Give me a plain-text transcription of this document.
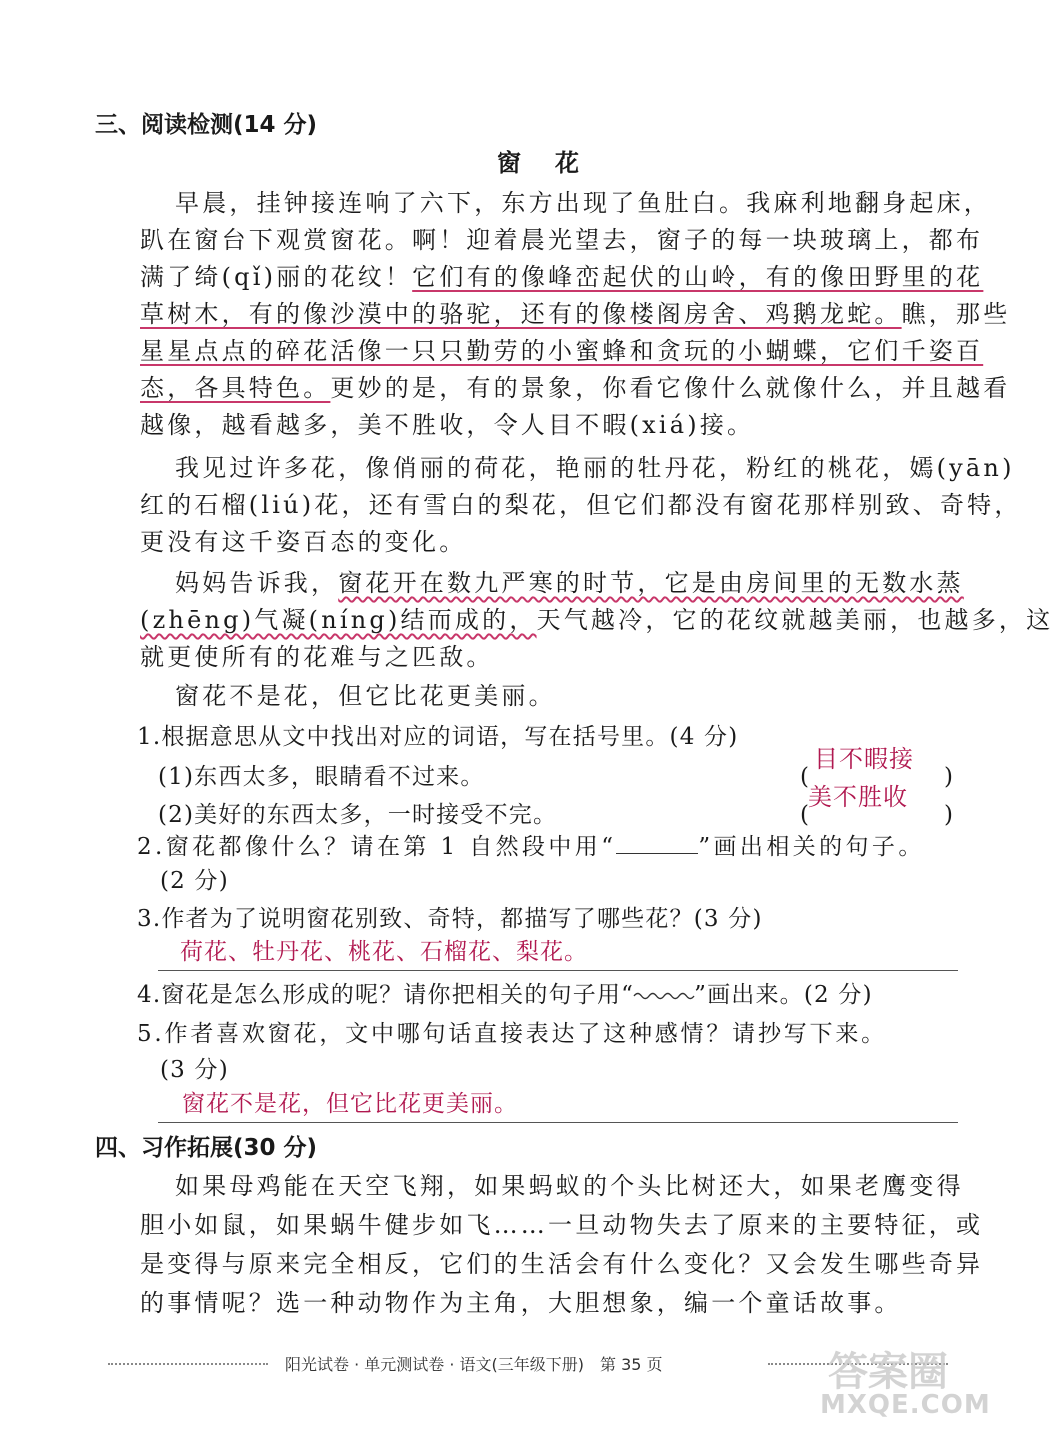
三、阅读检测(14 分)
窗花
早晨，挂钟接连响了六下，东方出现了鱼肚白。我麻利地翻身起床，
趴在窗台下观赏窗花。啊！迎着晨光望去，窗子的每一块玻璃上，都布
满了绮(qǐ)丽的花纹！它们有的像峰峦起伏的山岭，有的像田野里的花
草树木，有的像沙漠中的骆驼，还有的像楼阁房舍、鸡鹅龙蛇。瞧，那些
星星点点的碎花活像一只只勤劳的小蜜蜂和贪玩的小蝴蝶，它们千姿百
态，各具特色。更妙的是，有的景象，你看它像什么就像什么，并且越看
越像，越看越多，美不胜收，令人目不暇(xiá)接。
我见过许多花，像俏丽的荷花，艳丽的牡丹花，粉红的桃花，嫣(yān)
红的石榴(liú)花，还有雪白的梨花，但它们都没有窗花那样别致、奇特，
更没有这千姿百态的变化。
妈妈告诉我，窗花开在数九严寒的时节，它是由房间里的无数水蒸
(zhēng)气凝(níng)结而成的，天气越冷，它的花纹就越美丽，也越多，这
就更使所有的花难与之匹敌。
窗花不是花，但它比花更美丽。
1.根据意思从文中找出对应的词语，写在括号里。(4 分)
(1)东西太多，眼睛看不过来。	(
目不暇接
)
(2)美好的东西太多，一时接受不完。	(
美不胜收
)
2.窗花都像什么？请在第 1 自然段中用“	”画出相关的句子。
(2 分)
3.作者为了说明窗花别致、奇特，都描写了哪些花？(3 分)
荷花、牡丹花、桃花、石榴花、梨花。
4.窗花是怎么形成的呢？请你把相关的句子用“	”画出来。(2 分)
5.作者喜欢窗花，文中哪句话直接表达了这种感情？请抄写下来。
(3 分)
窗花不是花，但它比花更美丽。
四、习作拓展(30 分)
如果母鸡能在天空飞翔，如果蚂蚁的个头比树还大，如果老鹰变得
胆小如鼠，如果蜗牛健步如飞……一旦动物失去了原来的主要特征，或
是变得与原来完全相反，它们的生活会有什么变化？又会发生哪些奇异
的事情呢？选一种动物作为主角，大胆想象，编一个童话故事。
阳光试卷 · 单元测试卷 · 语文(三年级下册)　第 35 页	答案圈
MXQE.COM
